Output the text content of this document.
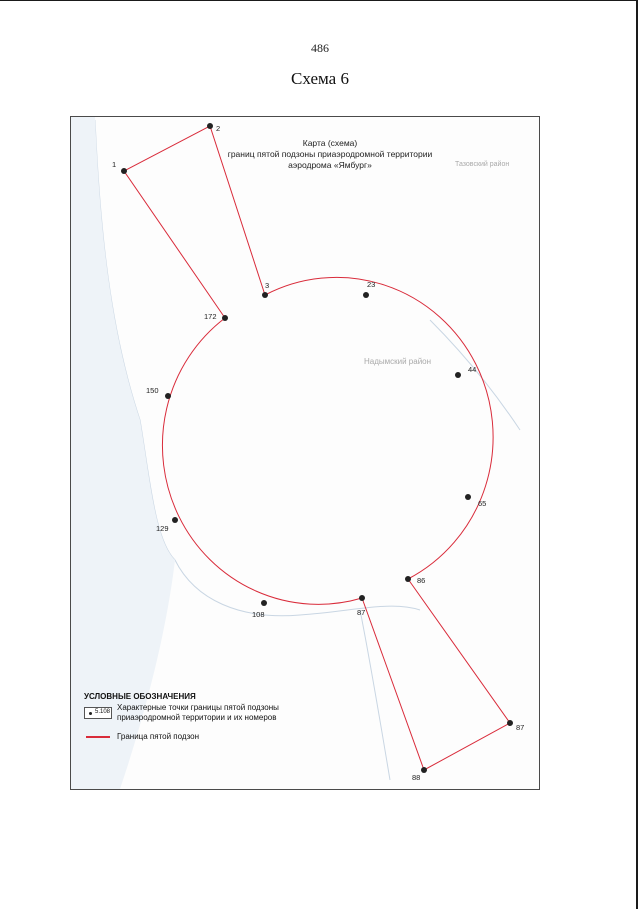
486
Схема 6
1
2
3	23
44
65
86
87
88
87
108
129
150
172
Карта (схема)
границ пятой подзоны приаэродромной территории
аэродрома «Ямбург»	Тазовский район
Надымский район
УСЛОВНЫЕ ОБОЗНАЧЕНИЯ
5.108 Характерные точки границы пятой подзоны приаэродромной территории и их номеров
Граница пятой подзон
